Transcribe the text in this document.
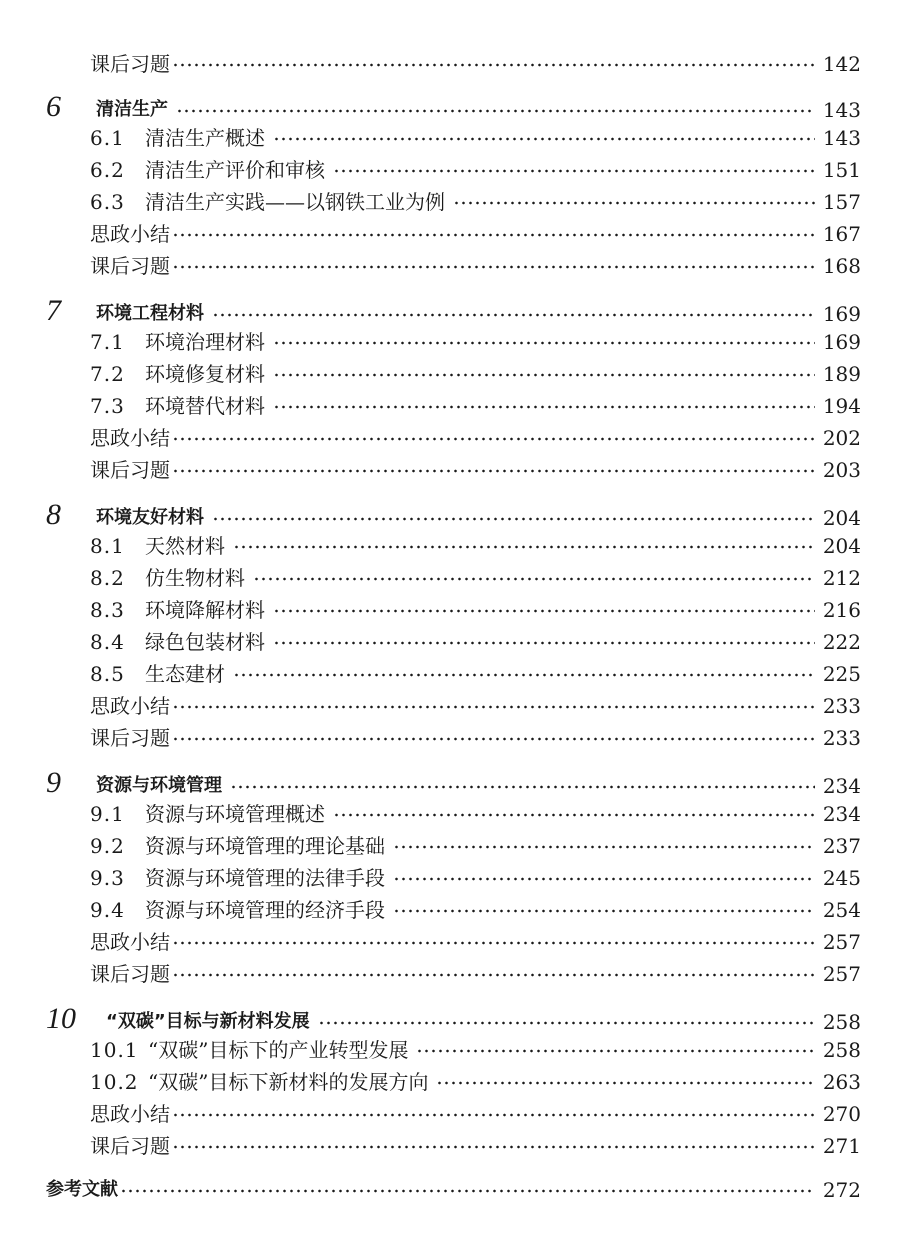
课后习题	142
6	清洁生产	143
6.1	清洁生产概述	143
6.2	清洁生产评价和审核	151
6.3	清洁生产实践——以钢铁工业为例	157
思政小结	167
课后习题	168
7	环境工程材料	169
7.1	环境治理材料	169
7.2	环境修复材料	189
7.3	环境替代材料	194
思政小结	202
课后习题	203
8	环境友好材料	204
8.1	天然材料	204
8.2	仿生物材料	212
8.3	环境降解材料	216
8.4	绿色包装材料	222
8.5	生态建材	225
思政小结	233
课后习题	233
9	资源与环境管理	234
9.1	资源与环境管理概述	234
9.2	资源与环境管理的理论基础	237
9.3	资源与环境管理的法律手段	245
9.4	资源与环境管理的经济手段	254
思政小结	257
课后习题	257
10	“双碳”目标与新材料发展	258
10.1 “双碳”目标下的产业转型发展	258
10.2 “双碳”目标下新材料的发展方向	263
思政小结	270
课后习题	271
参考文献	272
